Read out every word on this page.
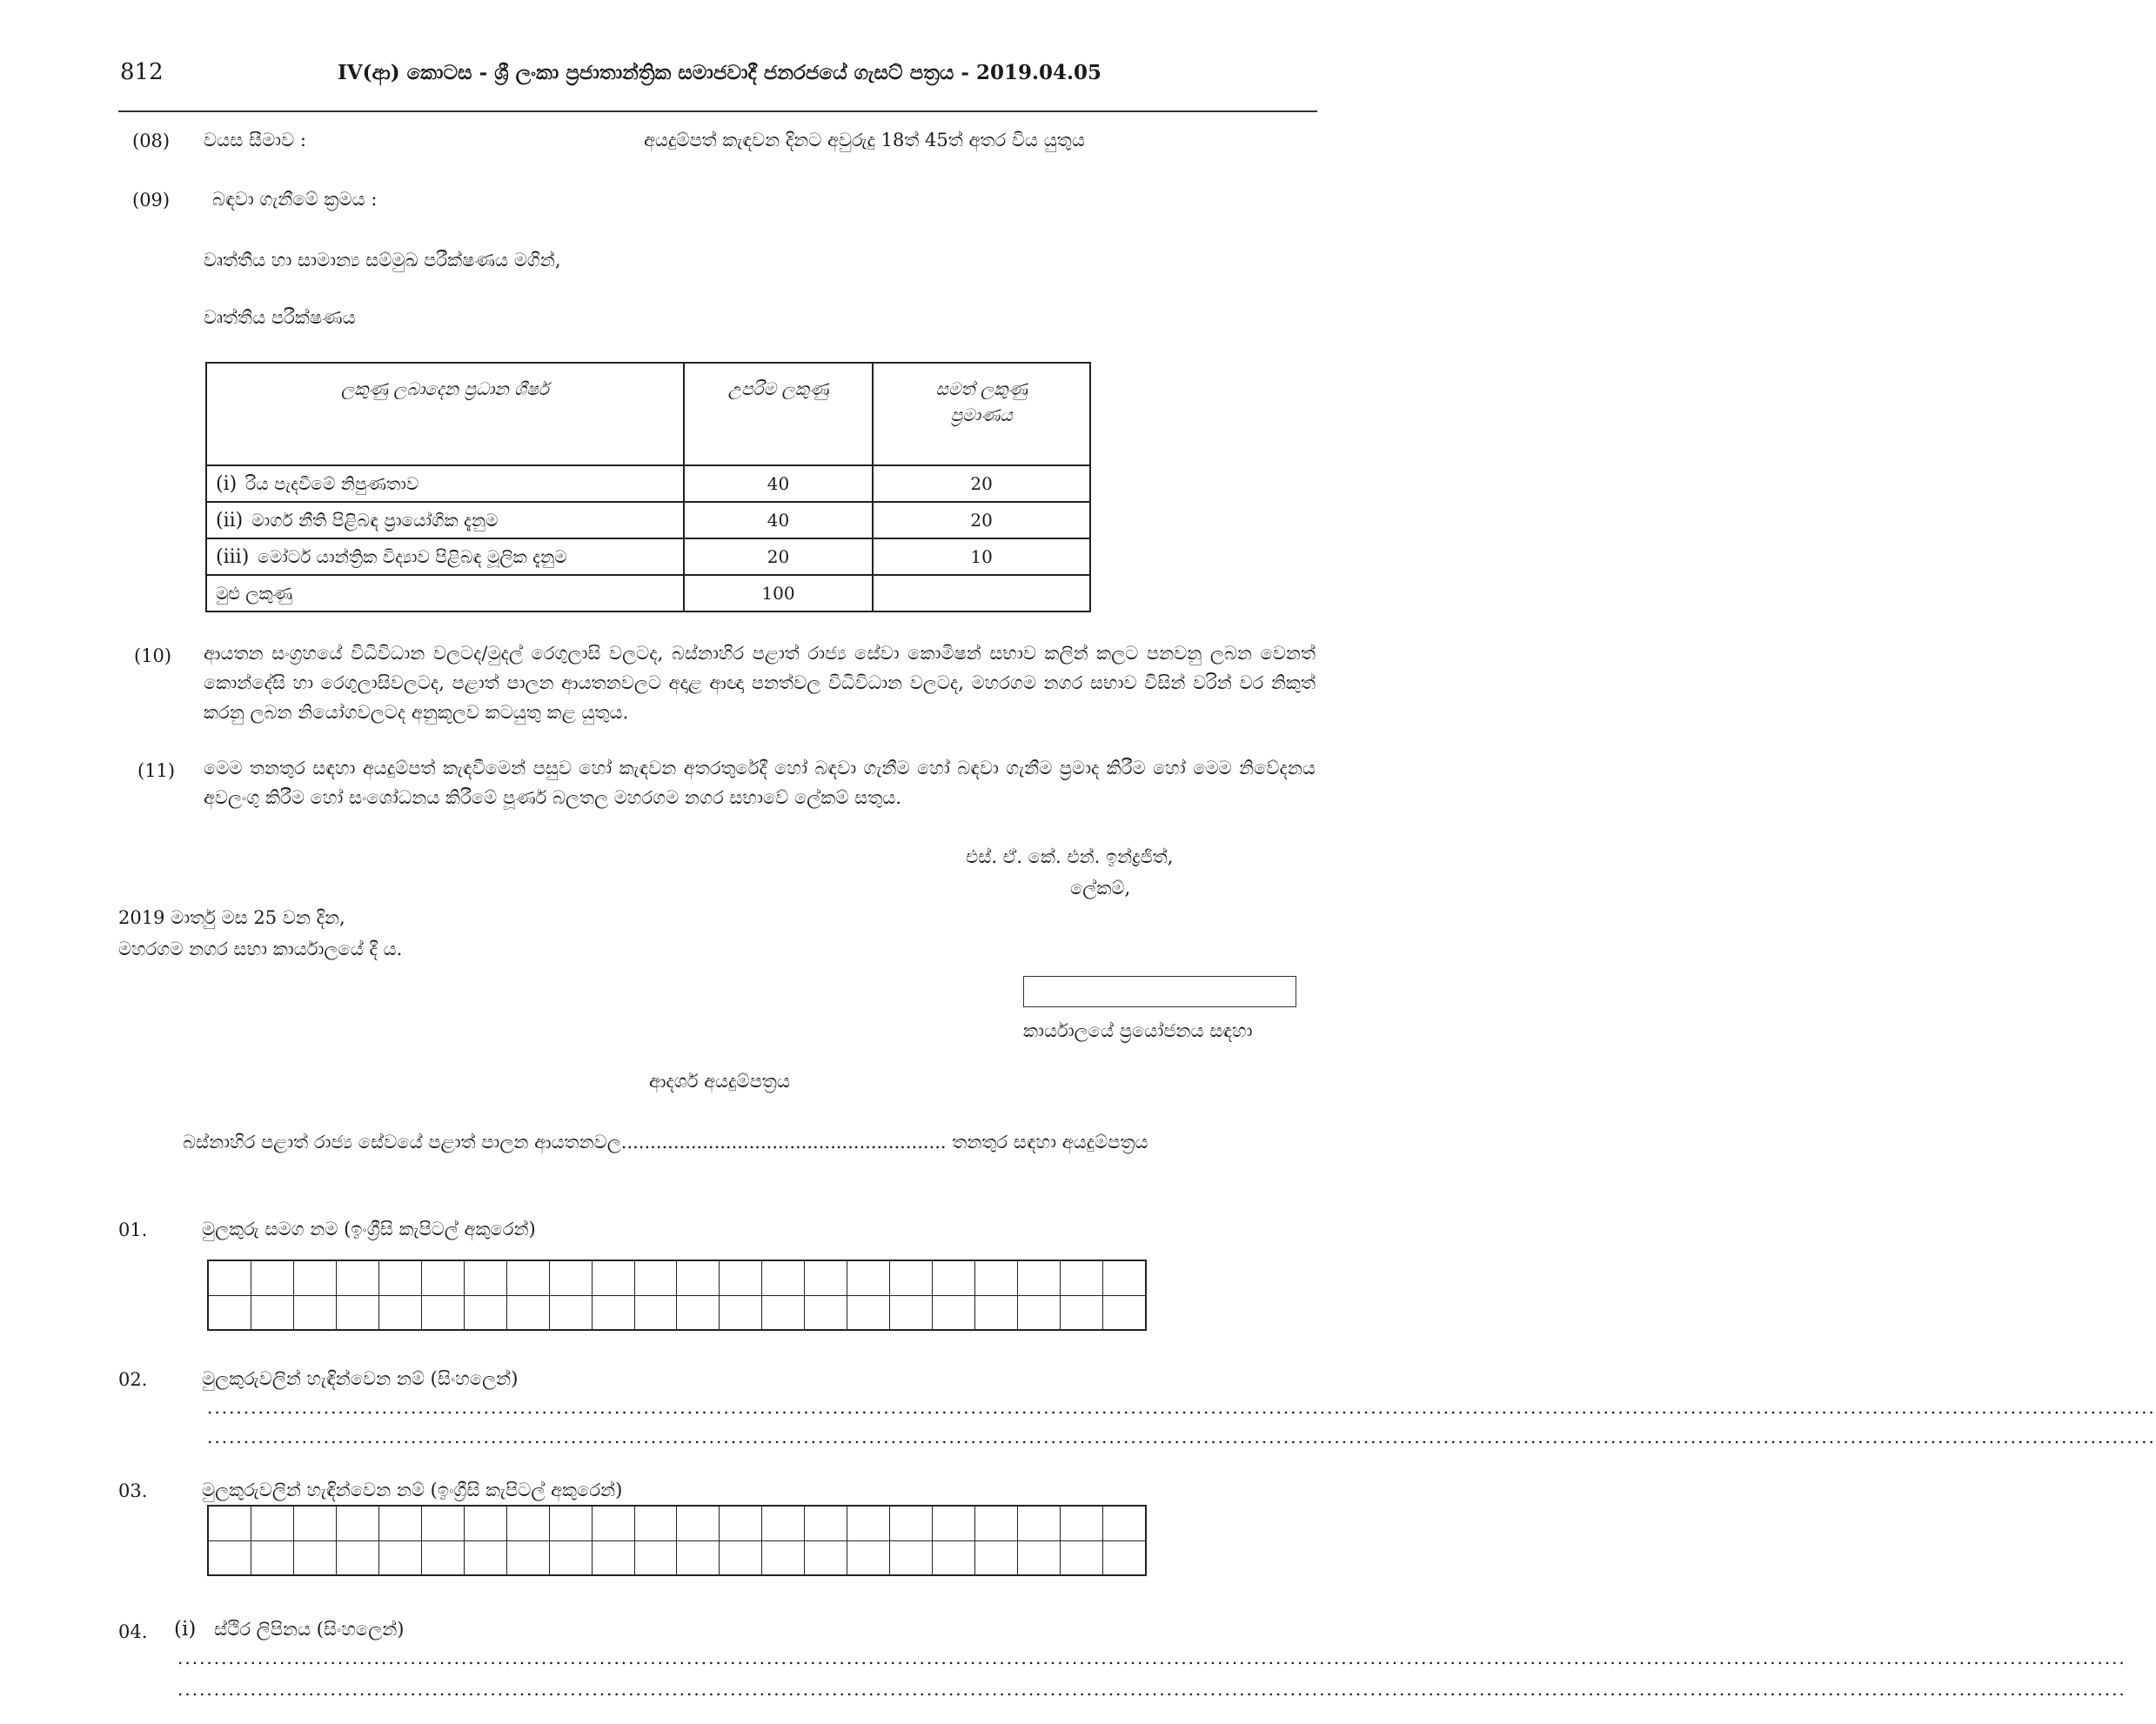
812	IV(ආ) කොටස - ශ්‍රී ලංකා ප්‍රජාතාන්ත්‍රික සමාජවාදී ජනරජයේ ගැසට් පත්‍රය - 2019.04.05
(08) වයස සීමාව :	අයදුම්පත් කැඳවන දිනට අවුරුදු 18ත් 45ත් අතර විය යුතුය
(09) බඳවා ගැනීමේ ක්‍රමය :
වෘත්තීය හා සාමාන්‍ය සම්මුඛ පරීක්ෂණය මගින්,
වෘත්තීය පරීක්ෂණය
ලකුණු ලබාදෙන ප්‍රධාන ශීර්ෂ	උපරිම ලකුණු	සමත් ලකුණු ප්‍රමාණය

(i) රිය පැදවීමේ නිපුණතාව	40	20
(ii) මාර්ග නීති පිළිබඳ ප්‍රායෝගික දැනුම	40	20
(iii) මෝටර් යාන්ත්‍රික විද්‍යාව පිළිබඳ මූලික දැනුම	20	10
මුළු ලකුණු	100	
(10) ආයතන සංග්‍රහයේ විධිවිධාන වලටද/මුදල් රෙගුලාසි වලටද, බස්නාහිර පළාත් රාජ්‍ය සේවා කොමිෂන් සභාව කලින් කලට පනවනු ලබන වෙනත් කොන්දේසි හා රෙගුලාසිවලටද, පළාත් පාලන ආයතනවලට අදාළ ආඥා පනත්වල විධිවිධාන වලටද, මහරගම නගර සභාව විසින් වරින් වර නිකුත් කරනු ලබන නියෝගවලටද අනුකූලව කටයුතු කළ යුතුය.
(11) මෙම තනතුර සඳහා අයදුම්පත් කැඳවීමෙන් පසුව හෝ කැඳවන අතරතුරේදී හෝ බඳවා ගැනීම හෝ බඳවා ගැනීම ප්‍රමාද කිරීම හෝ මෙම නිවේදනය අවලංගු කිරීම හෝ සංශෝධනය කිරීමේ පූර්ණ බලතල මහරගම නගර සභාවේ ලේකම් සතුය.
එස්. ඒ. කේ. එන්. ඉන්ද්‍රජිත්,
ලේකම්,
2019 මාර්තු මස 25 වන දින,
මහරගම නගර සභා කාර්යාලයේ දී ය.
කාර්යාලයේ ප්‍රයෝජනය සඳහා
ආදර්ශ අයදුම්පත්‍රය
බස්නාහිර පළාත් රාජ්‍ය සේවයේ පළාත් පාලන ආයතනවල........................................................ තනතුර සඳහා අයදුම්පත්‍රය
01.	මුලකුරු සමග නම (ඉංග්‍රීසි කැපිටල් අකුරෙන්)
02.	මුලකුරුවලින් හැඳින්වෙන නම් (සිංහලෙන්)
............................................................................................................................................................................................................................................................................
............................................................................................................................................................................................................................................................................
03.	මුලකුරුවලින් හැඳින්වෙන නම් (ඉංග්‍රීසි කැපිටල් අකුරෙන්)
04. (i) ස්ථිර ලිපිනය (සිංහලෙන්)
............................................................................................................................................................................................................................................................................
............................................................................................................................................................................................................................................................................
